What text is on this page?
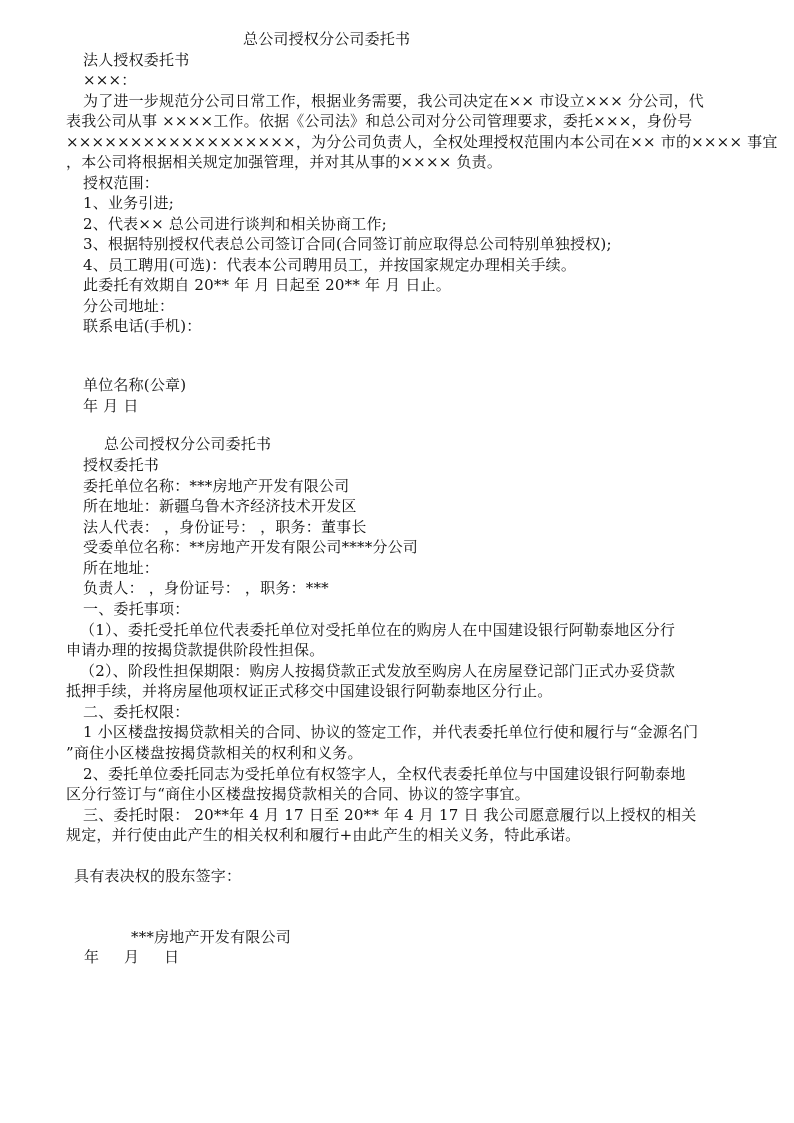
总公司授权分公司委托书
法人授权委托书
×××：
为了进一步规范分公司日常工作，根据业务需要，我公司决定在×× 市设立××× 分公司，代
表我公司从事 ××××工作。依据《公司法》和总公司对分公司管理要求，委托×××，身份号
××××××××××××××××××，为分公司负责人，全权处理授权范围内本公司在×× 市的×××× 事宜
，本公司将根据相关规定加强管理，并对其从事的×××× 负责。
授权范围：
1、业务引进;
2、代表×× 总公司进行谈判和相关协商工作;
3、根据特别授权代表总公司签订合同(合同签订前应取得总公司特别单独授权);
4、员工聘用(可选)：代表本公司聘用员工，并按国家规定办理相关手续。
此委托有效期自 20** 年 月 日起至 20** 年 月 日止。
分公司地址：
联系电话(手机)：
单位名称(公章)
年 月 日
总公司授权分公司委托书
授权委托书
委托单位名称：***房地产开发有限公司
所在地址：新疆乌鲁木齐经济技术开发区
法人代表： ，身份证号： ，职务：董事长
受委单位名称：**房地产开发有限公司****分公司
所在地址：
负责人： ，身份证号： ，职务：***
一、委托事项：
（1）、委托受托单位代表委托单位对受托单位在的购房人在中国建设银行阿勒泰地区分行
申请办理的按揭贷款提供阶段性担保。
（2）、阶段性担保期限：购房人按揭贷款正式发放至购房人在房屋登记部门正式办妥贷款
抵押手续，并将房屋他项权证正式移交中国建设银行阿勒泰地区分行止。
二、委托权限：
1 小区楼盘按揭贷款相关的合同、协议的签定工作，并代表委托单位行使和履行与“金源名门
”商住小区楼盘按揭贷款相关的权利和义务。
2、委托单位委托同志为受托单位有权签字人，全权代表委托单位与中国建设银行阿勒泰地
区分行签订与“商住小区楼盘按揭贷款相关的合同、协议的签字事宜。
三、委托时限： 20**年 4 月 17 日至 20** 年 4 月 17 日 我公司愿意履行以上授权的相关
规定，并行使由此产生的相关权利和履行+由此产生的相关义务，特此承诺。
具有表决权的股东签字：
***房地产开发有限公司
年     月     日
